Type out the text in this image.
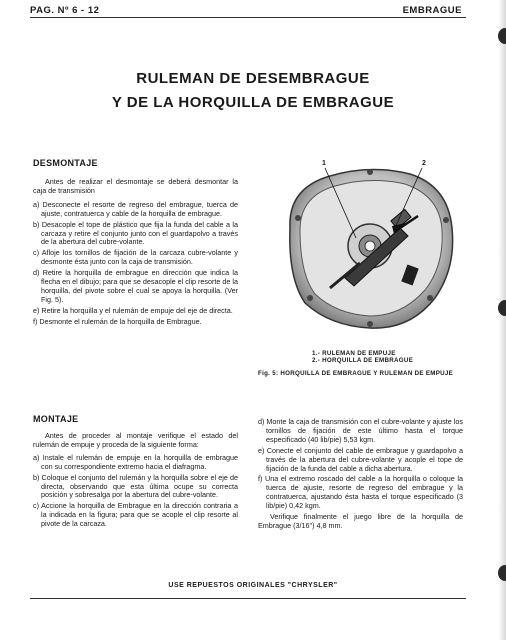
PAG. Nº 6 - 12	EMBRAGUE
RULEMAN DE DESEMBRAGUE
Y DE LA HORQUILLA DE EMBRAGUE
DESMONTAJE

Antes de realizar el desmontaje se deberá desmontar la caja de transmisión

a) Desconecte el resorte de regreso del embrague, tuerca de ajuste, contratuerca y cable de la horquilla de embrague.

b) Desacople el tope de plástico que fija la funda del cable a la carcaza y retire el conjunto junto con el guardapolvo a través de la abertura del cubre-volante.

c) Afloje los tornillos de fijación de la carcaza cubre-volante y desmonte ésta junto con la caja de transmisión.

d) Retire la horquilla de embrague en dirección que indica la flecha en el dibujo; para que se desacople el clip resorte de la horquilla, del pivote sobre el cual se apoya la horquilla. (Ver Fig. 5).

e) Retire la horquilla y el rulemán de empuje del eje de directa.

f) Desmonte el rulemán de la horquilla de Embrague.

1	2
1.- RULEMAN DE EMPUJE
2.- HORQUILLA DE EMBRAGUE
Fig. 5: HORQUILLA DE EMBRAGUE Y RULEMAN DE EMPUJE
MONTAJE

Antes de proceder al montaje verifique el estado del rulemán de empuje y proceda de la siguiente forma:

a) Instale el rulemán de empuje en la horquilla de embrague con su correspondiente extremo hacia el diafragma.

b) Coloque el conjunto del rulemán y la horquilla sobre el eje de directa, observando que esta última ocupe su correcta posición y sobresalga por la abertura del cubre-volante.

c) Accione la horquilla de Embrague en la dirección contraria a la indicada en la figura; para que se acople el clip resorte al pivote de la carcaza.

d) Monte la caja de transmisión con el cubre-volante y ajuste los tornillos de fijación de este último hasta el torque especificado (40 lib/pie) 5,53 kgm.

e) Conecte el conjunto del cable de embrague y guardapolvo a través de la abertura del cubre-volante y acople el tope de fijación de la funda del cable a dicha abertura.

f) Una el extremo roscado del cable a la horquilla o coloque la tuerca de ajuste, resorte de regreso del embrague y la contratuerca, ajustando ésta hasta el torque especificado (3 lib/pie) 0,42 kgm.

Verifique finalmente el juego libre de la horquilla de Embrague (3/16") 4,8 mm.

USE REPUESTOS ORIGINALES "CHRYSLER"
